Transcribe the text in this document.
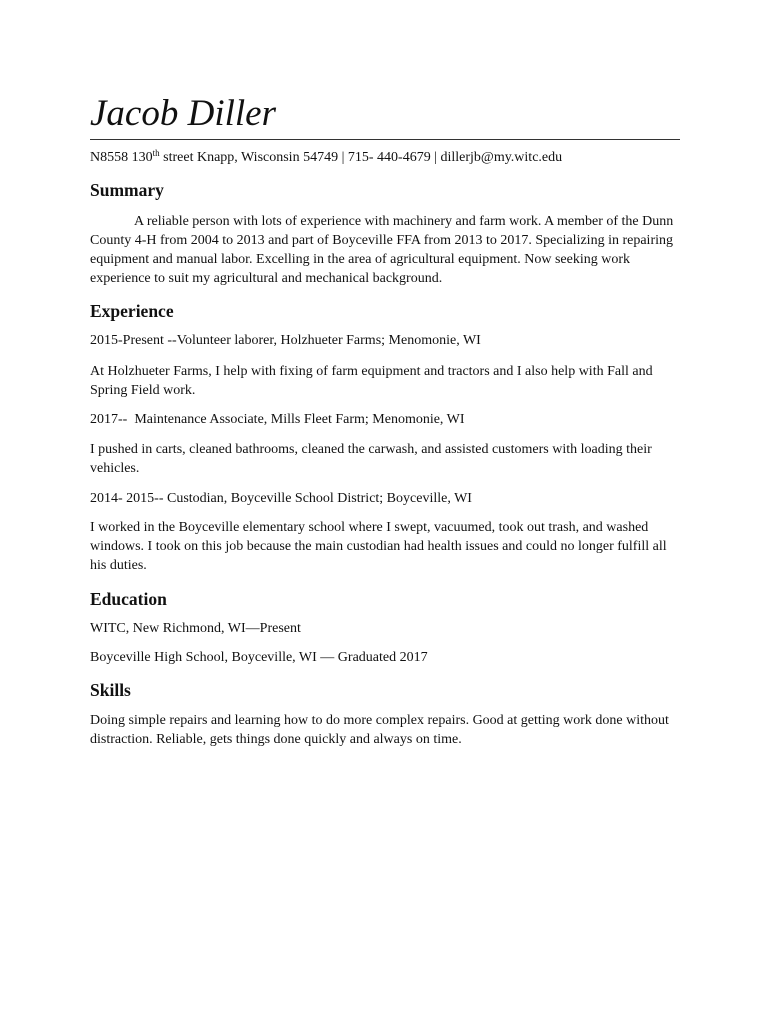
Jacob Diller

N8558 130th street Knapp, Wisconsin 54749 | 715- 440-4679 | dillerjb@my.witc.edu

Summary

A reliable person with lots of experience with machinery and farm work. A member of the Dunn County 4-H from 2004 to 2013 and part of Boyceville FFA from 2013 to 2017. Specializing in repairing equipment and manual labor. Excelling in the area of agricultural equipment. Now seeking work experience to suit my agricultural and mechanical background.

Experience

2015-Present --Volunteer laborer, Holzhueter Farms; Menomonie, WI

At Holzhueter Farms, I help with fixing of farm equipment and tractors and I also help with Fall and Spring Field work.

2017--  Maintenance Associate, Mills Fleet Farm; Menomonie, WI

I pushed in carts, cleaned bathrooms, cleaned the carwash, and assisted customers with loading their vehicles.

2014- 2015-- Custodian, Boyceville School District; Boyceville, WI

I worked in the Boyceville elementary school where I swept, vacuumed, took out trash, and washed windows. I took on this job because the main custodian had health issues and could no longer fulfill all his duties.

Education

WITC, New Richmond, WI—Present

Boyceville High School, Boyceville, WI — Graduated 2017

Skills

Doing simple repairs and learning how to do more complex repairs. Good at getting work done without distraction. Reliable, gets things done quickly and always on time.
